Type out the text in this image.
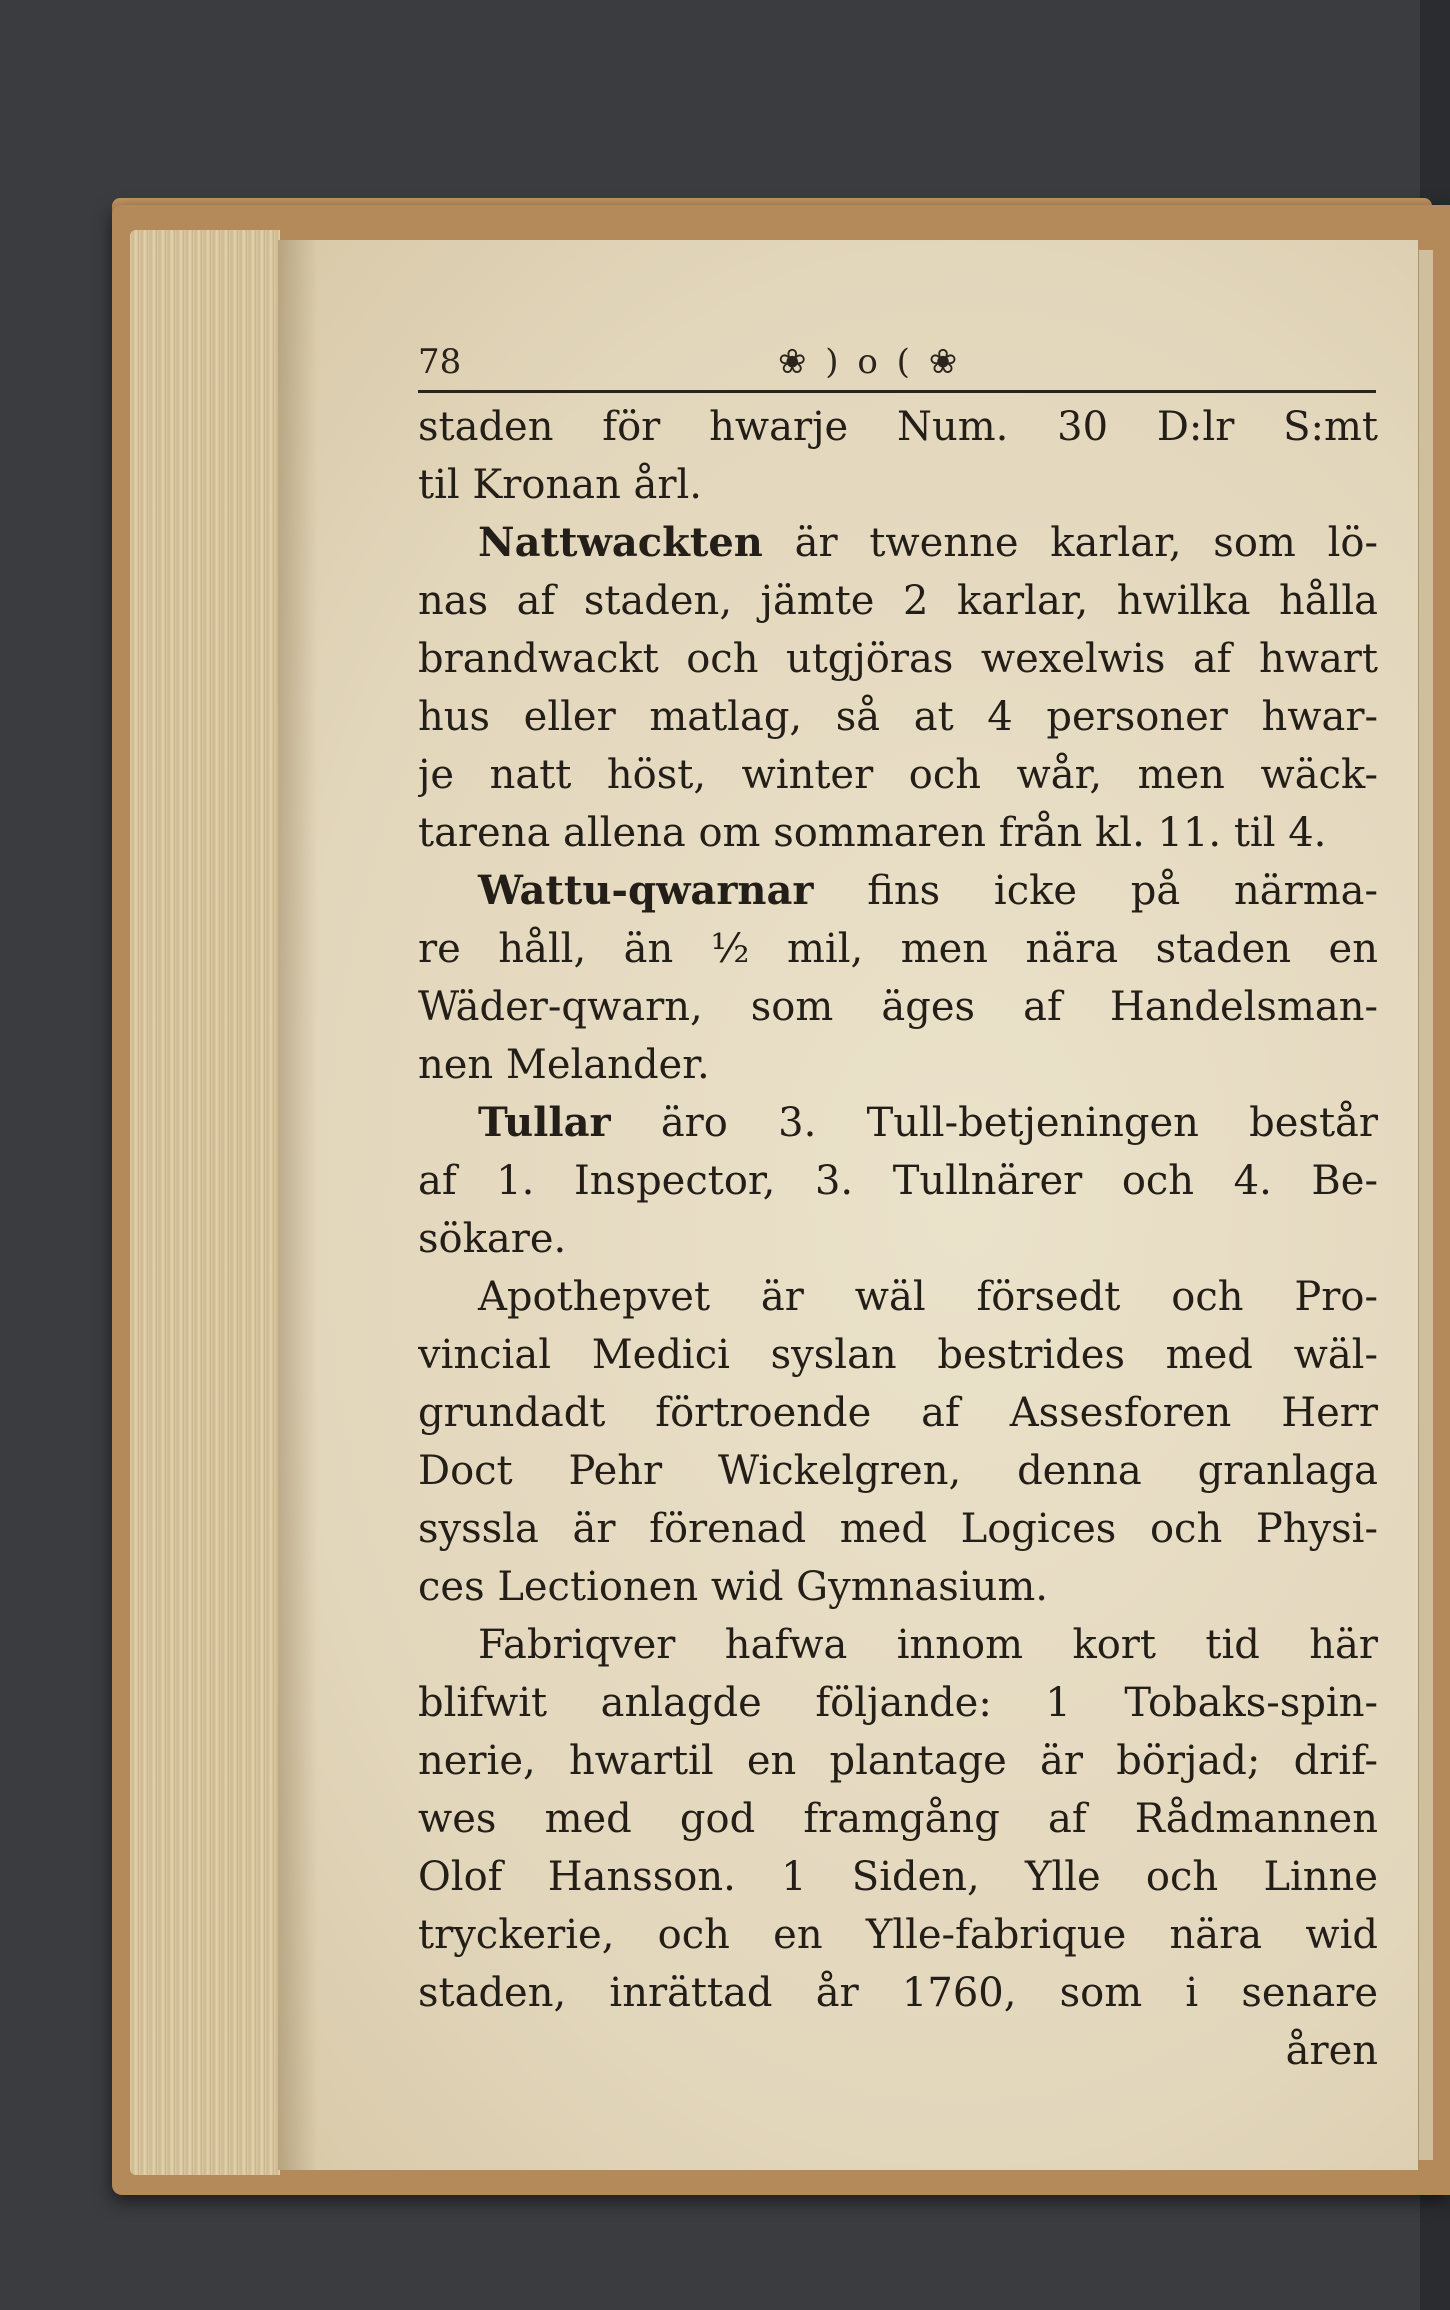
78	❀ ) o ( ❀
staden för hwarje Num. 30 D:lr S:mt
til Kronan årl.
Nattwackten är twenne karlar, som lö-
nas af staden, jämte 2 karlar, hwilka hålla
brandwackt och utgjöras wexelwis af hwart
hus eller matlag, så at 4 personer hwar-
je natt höst, winter och wår, men wäck-
tarena allena om sommaren från kl. 11. til 4.
Wattu-qwarnar fins icke på närma-
re håll, än ½ mil, men nära staden en
Wäder-qwarn, som äges af Handelsman-
nen Melander.
Tullar äro 3. Tull-betjeningen består
af 1. Inspector, 3. Tullnärer och 4. Be-
sökare.
Apothepvet är wäl försedt och Pro-
vincial Medici syslan bestrides med wäl-
grundadt förtroende af Assesforen Herr
Doct Pehr Wickelgren, denna granlaga
syssla är förenad med Logices och Physi-
ces Lectionen wid Gymnasium.
Fabriqver hafwa innom kort tid här
blifwit anlagde följande: 1 Tobaks-spin-
nerie, hwartil en plantage är börjad; drif-
wes med god framgång af Rådmannen
Olof Hansson. 1 Siden, Ylle och Linne
tryckerie, och en Ylle-fabrique nära wid
staden, inrättad år 1760, som i senare
åren
